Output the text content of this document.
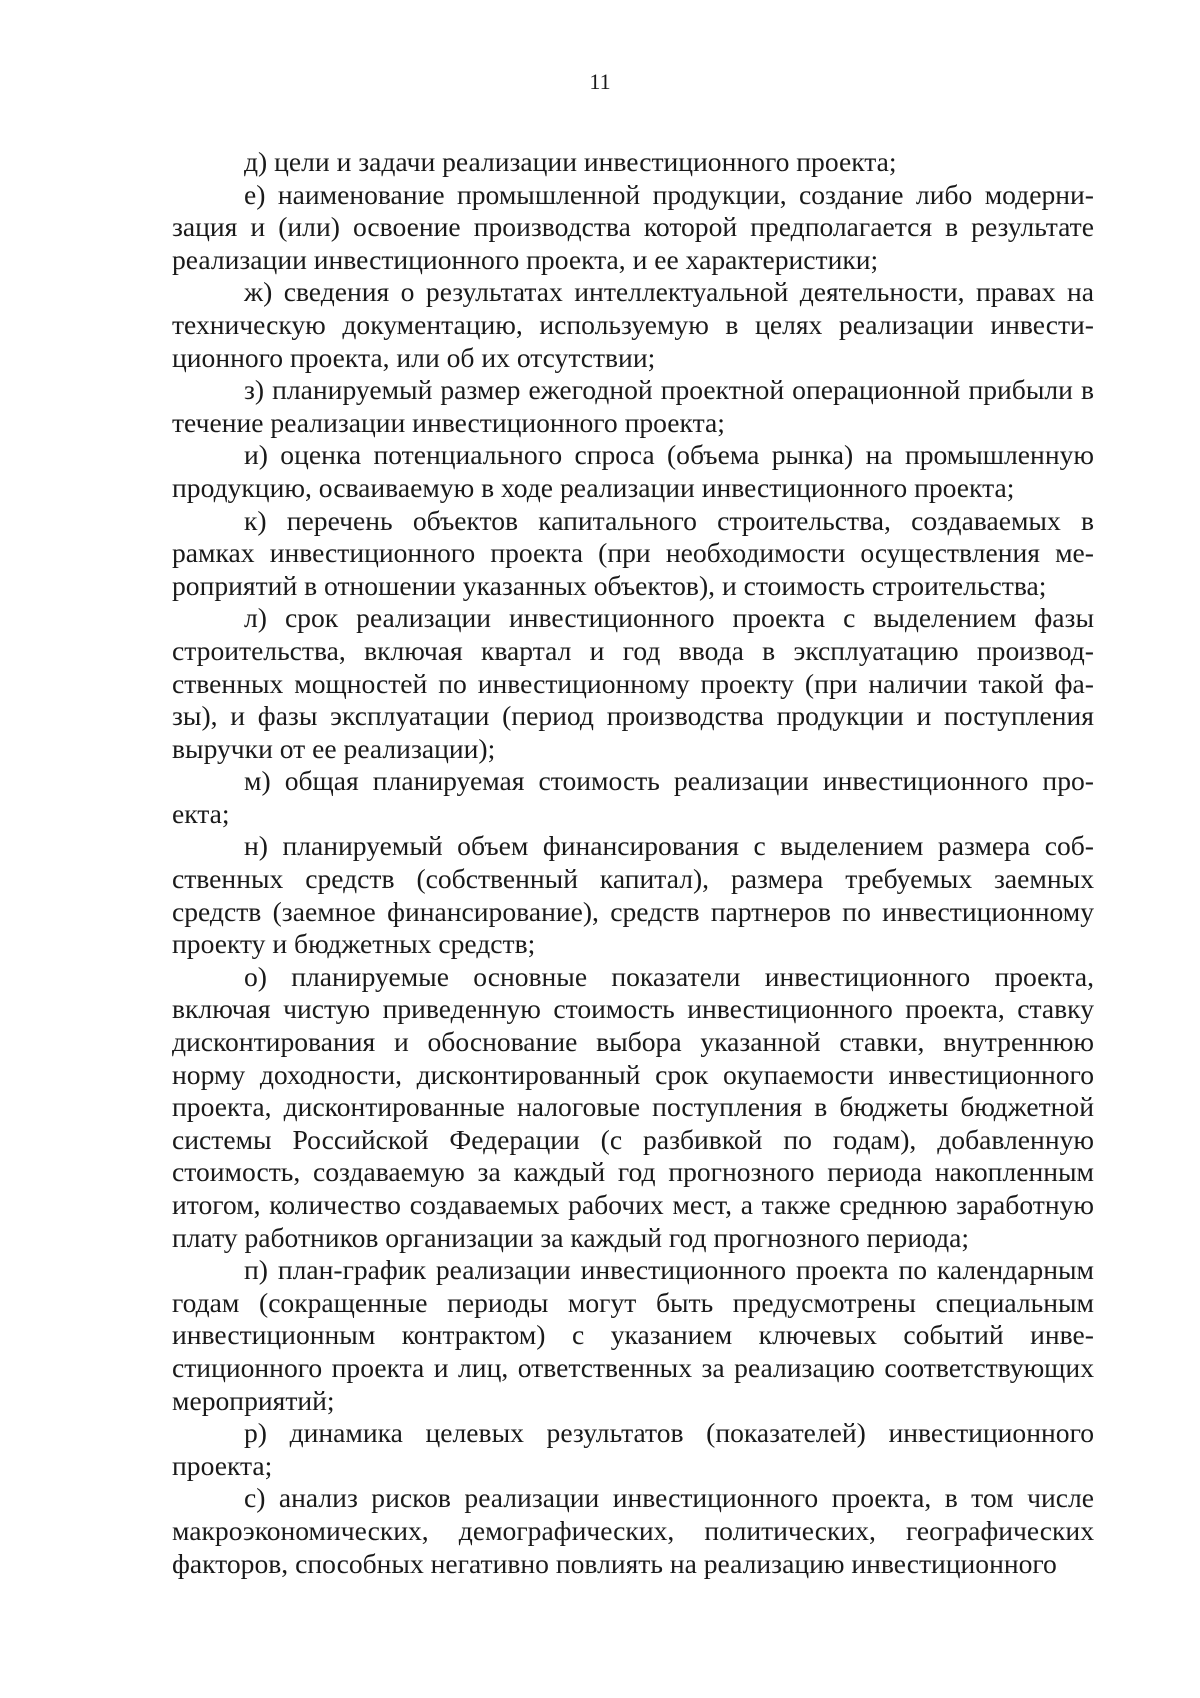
11

д) цели и задачи реализации инвестиционного проекта;

е) наименование промышленной продукции, создание либо модернизация и (или) освоение производства которой предполагается в результате реализации инвестиционного проекта, и ее характеристики;

ж) сведения о результатах интеллектуальной деятельности, правах на техническую документацию, используемую в целях реализации инвестиционного проекта, или об их отсутствии;

з) планируемый размер ежегодной проектной операционной прибыли в течение реализации инвестиционного проекта;

и) оценка потенциального спроса (объема рынка) на промышленную продукцию, осваиваемую в ходе реализации инвестиционного проекта;

к) перечень объектов капитального строительства, создаваемых в рамках инвестиционного проекта (при необходимости осуществления мероприятий в отношении указанных объектов), и стоимость строительства;

л) срок реализации инвестиционного проекта с выделением фазы строительства, включая квартал и год ввода в эксплуатацию производственных мощностей по инвестиционному проекту (при наличии такой фазы), и фазы эксплуатации (период производства продукции и поступления выручки от ее реализации);

м) общая планируемая стоимость реализации инвестиционного проекта;

н) планируемый объем финансирования с выделением размера собственных средств (собственный капитал), размера требуемых заемных средств (заемное финансирование), средств партнеров по инвестиционному проекту и бюджетных средств;

о) планируемые основные показатели инвестиционного проекта, включая чистую приведенную стоимость инвестиционного проекта, ставку дисконтирования и обоснование выбора указанной ставки, внутреннюю норму доходности, дисконтированный срок окупаемости инвестиционного проекта, дисконтированные налоговые поступления в бюджеты бюджетной системы Российской Федерации (с разбивкой по годам), добавленную стоимость, создаваемую за каждый год прогнозного периода накопленным итогом, количество создаваемых рабочих мест, а также среднюю заработную плату работников организации за каждый год прогнозного периода;

п) план-график реализации инвестиционного проекта по календарным годам (сокращенные периоды могут быть предусмотрены специальным инвестиционным контрактом) с указанием ключевых событий инвестиционного проекта и лиц, ответственных за реализацию соответствующих мероприятий;

р) динамика целевых результатов (показателей) инвестиционного проекта;

с) анализ рисков реализации инвестиционного проекта, в том числе макроэкономических, демографических, политических, географических факторов, способных негативно повлиять на реализацию инвестиционного
